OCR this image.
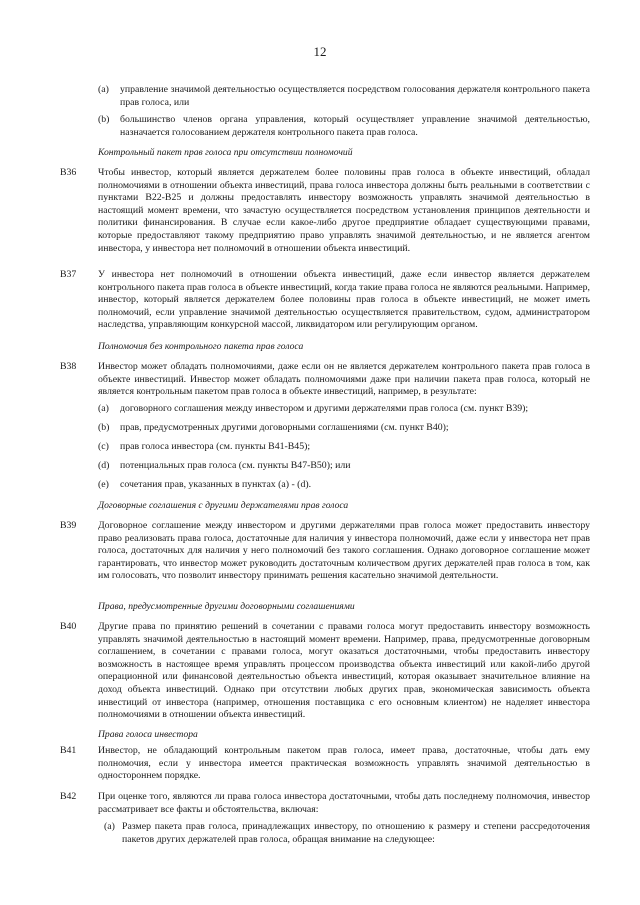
12
(a)	управление значимой деятельностью осуществляется посредством голосования держателя контрольного пакета прав голоса, или
(b)	большинство членов органа управления, который осуществляет управление значимой деятельностью, назначается голосованием держателя контрольного пакета прав голоса.
Контрольный пакет прав голоса при отсутствии полномочий
B36	Чтобы инвестор, который является держателем более половины прав голоса в объекте инвестиций, обладал полномочиями в отношении объекта инвестиций, права голоса инвестора должны быть реальными в соответствии с пунктами B22-B25 и должны предоставлять инвестору возможность управлять значимой деятельностью в настоящий момент времени, что зачастую осуществляется посредством установления принципов деятельности и политики финансирования. В случае если какое-либо другое предприятие обладает существующими правами, которые предоставляют такому предприятию право управлять значимой деятельностью, и не является агентом инвестора, у инвестора нет полномочий в отношении объекта инвестиций.
B37	У инвестора нет полномочий в отношении объекта инвестиций, даже если инвестор является держателем контрольного пакета прав голоса в объекте инвестиций, когда такие права голоса не являются реальными. Например, инвестор, который является держателем более половины прав голоса в объекте инвестиций, не может иметь полномочий, если управление значимой деятельностью осуществляется правительством, судом, администратором наследства, управляющим конкурсной массой, ликвидатором или регулирующим органом.
Полномочия без контрольного пакета прав голоса
B38	Инвестор может обладать полномочиями, даже если он не является держателем контрольного пакета прав голоса в объекте инвестиций. Инвестор может обладать полномочиями даже при наличии пакета прав голоса, который не является контрольным пакетом прав голоса в объекте инвестиций, например, в результате:
(a)	договорного соглашения между инвестором и другими держателями прав голоса (см. пункт B39);
(b)	прав, предусмотренных другими договорными соглашениями (см. пункт B40);
(c)	прав голоса инвестора (см. пункты B41-B45);
(d)	потенциальных прав голоса (см. пункты B47-B50); или
(e)	сочетания прав, указанных в пунктах (a) - (d).
Договорные соглашения с другими держателями прав голоса
B39	Договорное соглашение между инвестором и другими держателями прав голоса может предоставить инвестору право реализовать права голоса, достаточные для наличия у инвестора полномочий, даже если у инвестора нет прав голоса, достаточных для наличия у него полномочий без такого соглашения. Однако договорное соглашение может гарантировать, что инвестор может руководить достаточным количеством других держателей прав голоса в том, как им голосовать, что позволит инвестору принимать решения касательно значимой деятельности.
Права, предусмотренные другими договорными соглашениями
B40	Другие права по принятию решений в сочетании с правами голоса могут предоставить инвестору возможность управлять значимой деятельностью в настоящий момент времени. Например, права, предусмотренные договорным соглашением, в сочетании с правами голоса, могут оказаться достаточными, чтобы предоставить инвестору возможность в настоящее время управлять процессом производства объекта инвестиций или какой-либо другой операционной или финансовой деятельностью объекта инвестиций, которая оказывает значительное влияние на доход объекта инвестиций. Однако при отсутствии любых других прав, экономическая зависимость объекта инвестиций от инвестора (например, отношения поставщика с его основным клиентом) не наделяет инвестора полномочиями в отношении объекта инвестиций.
Права голоса инвестора
B41	Инвестор, не обладающий контрольным пакетом прав голоса, имеет права, достаточные, чтобы дать ему полномочия, если у инвестора имеется практическая возможность управлять значимой деятельностью в одностороннем порядке.
B42	При оценке того, являются ли права голоса инвестора достаточными, чтобы дать последнему полномочия, инвестор рассматривает все факты и обстоятельства, включая:
(a) Размер пакета прав голоса, принадлежащих инвестору, по отношению к размеру и степени рассредоточения пакетов других держателей прав голоса, обращая внимание на следующее:
